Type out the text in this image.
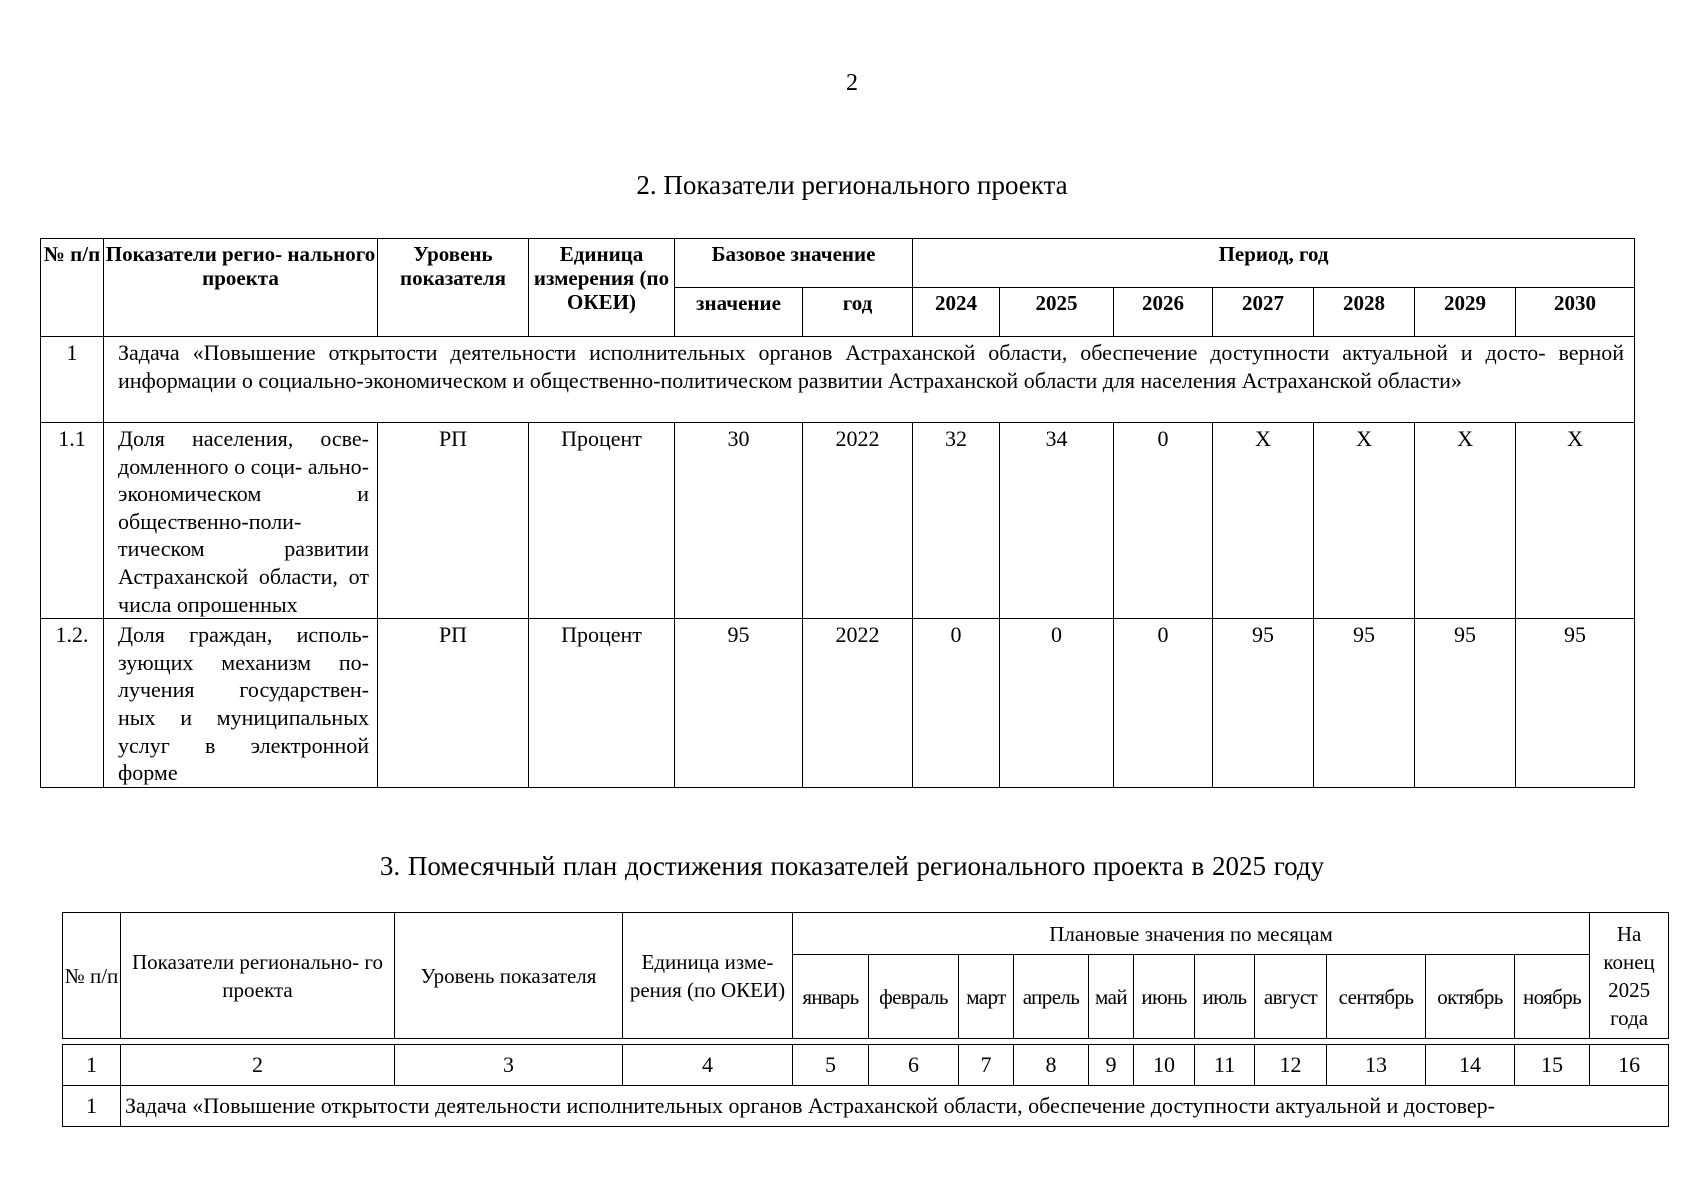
2
2. Показатели регионального проекта
№ п/п	Показатели регио- нального проекта	Уровень показателя	Единица измерения (по ОКЕИ)	Базовое значение		Период, год						
				значение	год	2024	2025	2026	2027	2028	2029	2030
1	Задача «Повышение открытости деятельности исполнительных органов Астраханской области, обеспечение доступности актуальной и досто- верной информации о социально-экономическом и общественно-политическом развитии Астраханской области для населения Астраханской области»											
1.1	Доля населения, осве- домленного о соци- ально-экономическом и общественно-поли- тическом развитии Астраханской области, от числа опрошенных	РП	Процент	30	2022	32	34	0	X	X	X	X
1.2.	Доля граждан, исполь- зующих механизм по- лучения государствен- ных и муниципальных услуг в электронной форме	РП	Процент	95	2022	0	0	0	95	95	95	95
3. Помесячный план достижения показателей регионального проекта в 2025 году
№ п/п	Показатели регионально- го проекта	Уровень показателя	Единица изме- рения (по ОКЕИ)	Плановые значения по месяцам											На конец 2025 года
				январь	февраль	март	апрель	май	июнь	июль	август	сентябрь	октябрь	ноябрь	

1	2	3	4	5	6	7	8	9	10	11	12	13	14	15	16
1	Задача «Повышение открытости деятельности исполнительных органов Астраханской области, обеспечение доступности актуальной и достовер-														
